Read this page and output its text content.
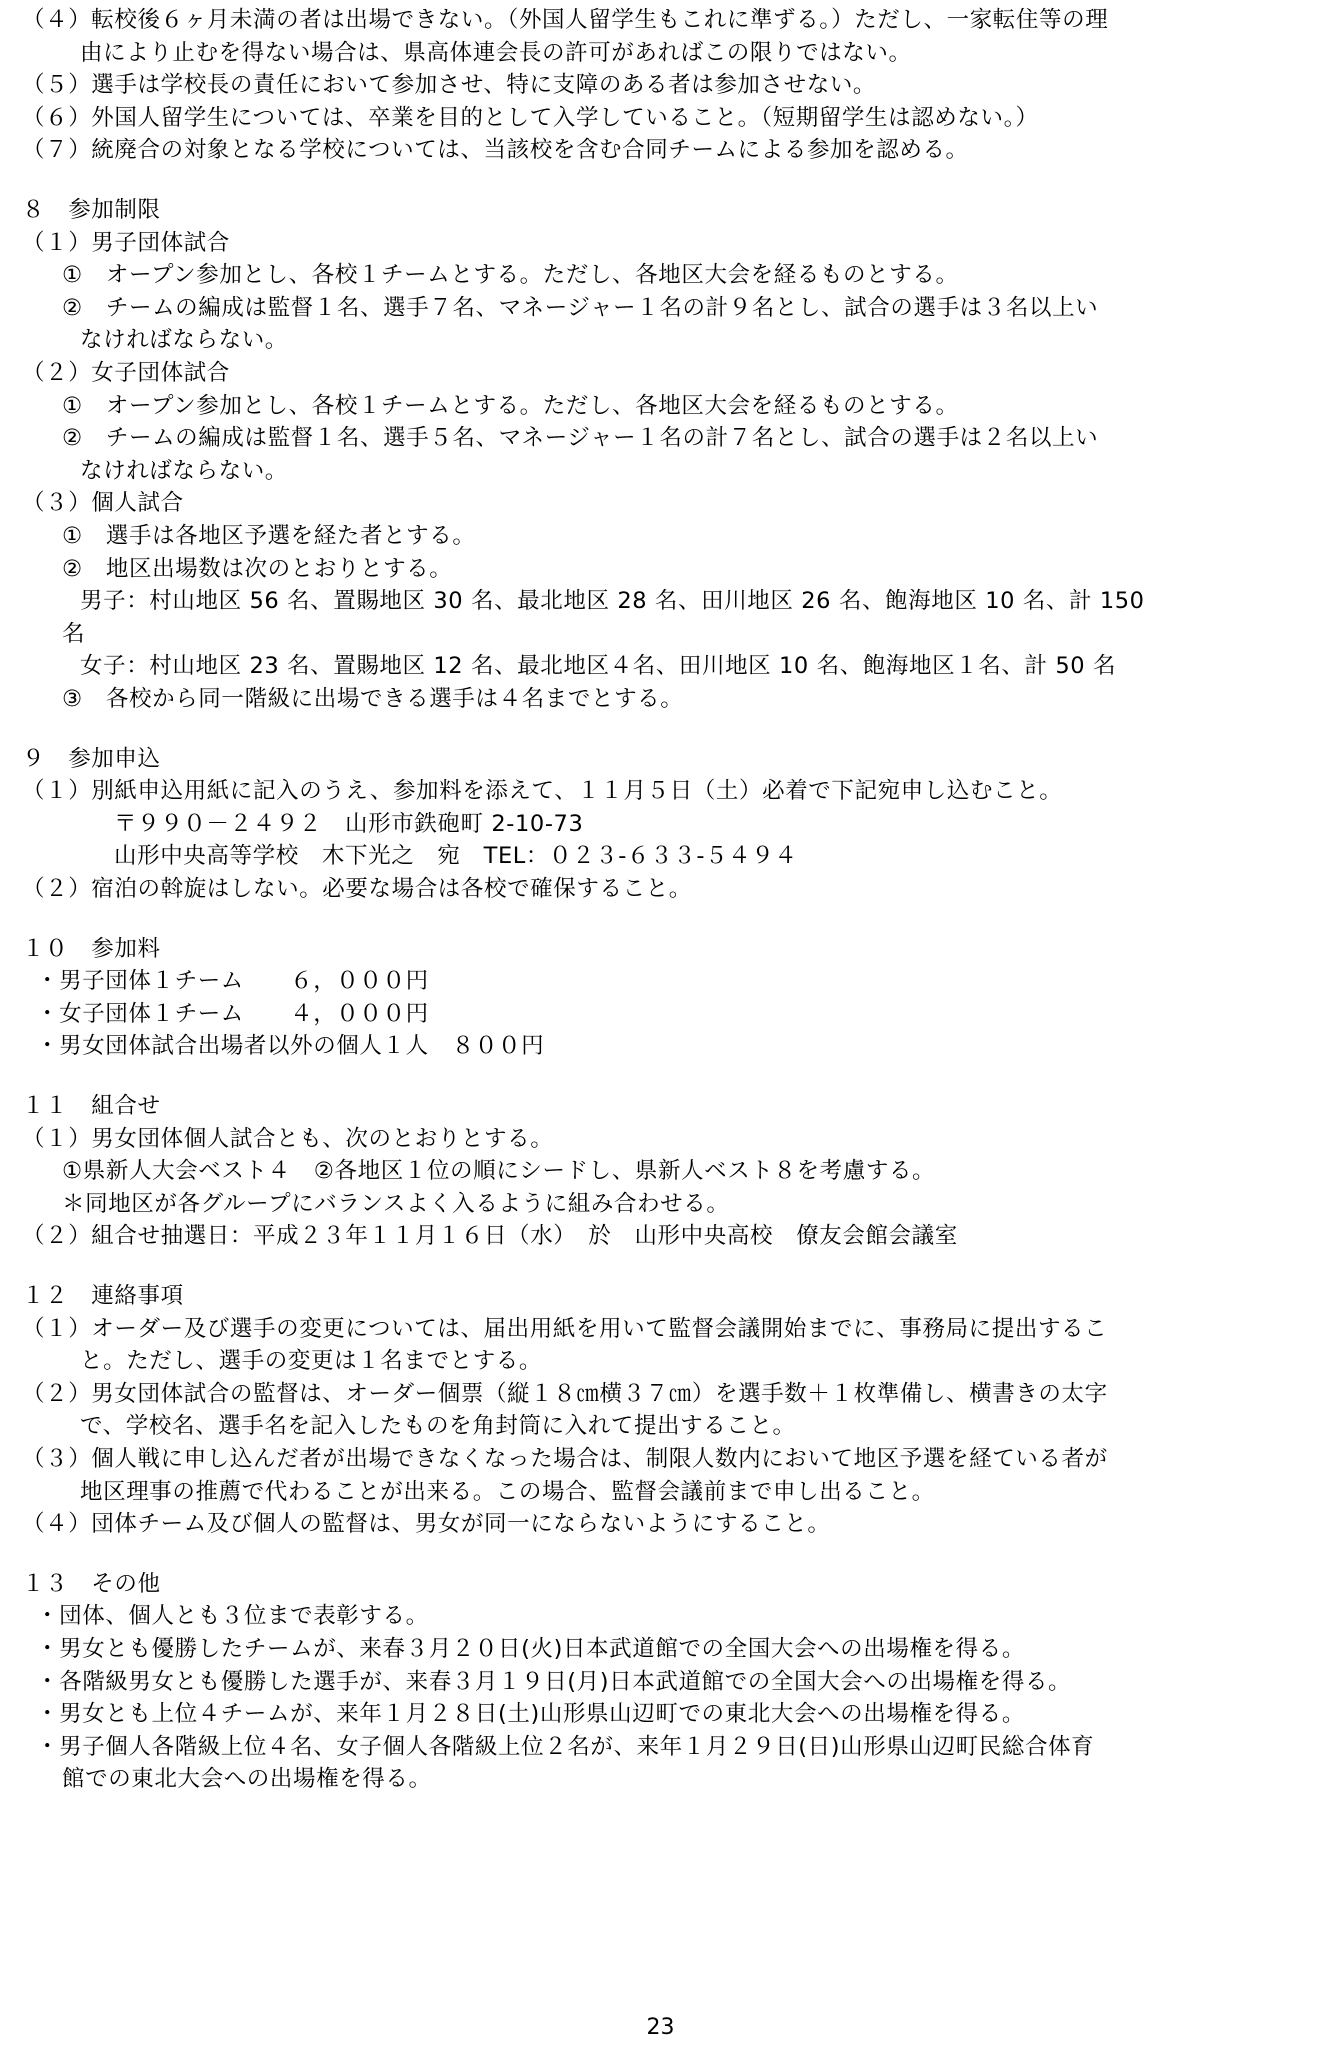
（４）転校後６ヶ月未満の者は出場できない。（外国人留学生もこれに準ずる。）ただし、一家転住等の理
由により止むを得ない場合は、県高体連会長の許可があればこの限りではない。
（５）選手は学校長の責任において参加させ、特に支障のある者は参加させない。
（６）外国人留学生については、卒業を目的として入学していること。（短期留学生は認めない。）
（７）統廃合の対象となる学校については、当該校を含む合同チームによる参加を認める。
８　参加制限
（１）男子団体試合
①　オープン参加とし、各校１チームとする。ただし、各地区大会を経るものとする。
②　チームの編成は監督１名、選手７名、マネージャー１名の計９名とし、試合の選手は３名以上い
なければならない。
（２）女子団体試合
①　オープン参加とし、各校１チームとする。ただし、各地区大会を経るものとする。
②　チームの編成は監督１名、選手５名、マネージャー１名の計７名とし、試合の選手は２名以上い
なければならない。
（３）個人試合
①　選手は各地区予選を経た者とする。
②　地区出場数は次のとおりとする。
男子：村山地区 56 名、置賜地区 30 名、最北地区 28 名、田川地区 26 名、飽海地区 10 名、計 150
名
女子：村山地区 23 名、置賜地区 12 名、最北地区４名、田川地区 10 名、飽海地区１名、計 50 名
③　各校から同一階級に出場できる選手は４名までとする。
９　参加申込
（１）別紙申込用紙に記入のうえ、参加料を添えて、１１月５日（土）必着で下記宛申し込むこと。
〒９９０－２４９２　山形市鉄砲町 2-10-73
山形中央高等学校　木下光之　宛　TEL：０２３-６３３-５４９４
（２）宿泊の斡旋はしない。必要な場合は各校で確保すること。
１０　参加料
・男子団体１チーム　　６，０００円
・女子団体１チーム　　４，０００円
・男女団体試合出場者以外の個人１人　８００円
１１　組合せ
（１）男女団体個人試合とも、次のとおりとする。
①県新人大会ベスト４　②各地区１位の順にシードし、県新人ベスト８を考慮する。
＊同地区が各グループにバランスよく入るように組み合わせる。
（２）組合せ抽選日：平成２３年１１月１６日（水）　於　山形中央高校　僚友会館会議室
１２　連絡事項
（１）オーダー及び選手の変更については、届出用紙を用いて監督会議開始までに、事務局に提出するこ
と。ただし、選手の変更は１名までとする。
（２）男女団体試合の監督は、オーダー個票（縦１８㎝横３７㎝）を選手数＋１枚準備し、横書きの太字
で、学校名、選手名を記入したものを角封筒に入れて提出すること。
（３）個人戦に申し込んだ者が出場できなくなった場合は、制限人数内において地区予選を経ている者が
地区理事の推薦で代わることが出来る。この場合、監督会議前まで申し出ること。
（４）団体チーム及び個人の監督は、男女が同一にならないようにすること。
１３　その他
・団体、個人とも３位まで表彰する。
・男女とも優勝したチームが、来春３月２０日(火)日本武道館での全国大会への出場権を得る。
・各階級男女とも優勝した選手が、来春３月１９日(月)日本武道館での全国大会への出場権を得る。
・男女とも上位４チームが、来年１月２８日(土)山形県山辺町での東北大会への出場権を得る。
・男子個人各階級上位４名、女子個人各階級上位２名が、来年１月２９日(日)山形県山辺町民総合体育
館での東北大会への出場権を得る。
23
